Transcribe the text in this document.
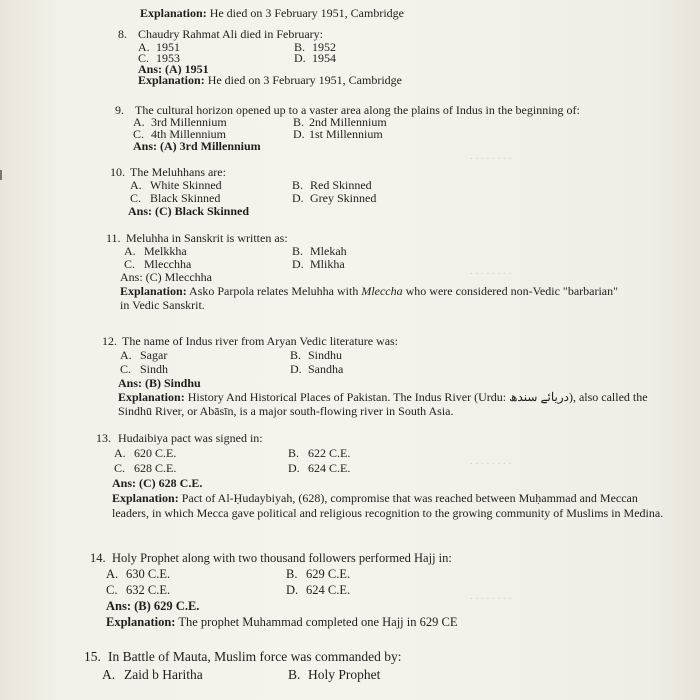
. . . . . . . .
. . . . . . . .
. . . . . . . .
. . . . . . . .
Explanation: He died on 3 February 1951, Cambridge
8. Chaudry Rahmat Ali died in February:
A. 1951	B. 1952
C. 1953	D. 1954
Ans: (A) 1951
Explanation: He died on 3 February 1951, Cambridge
9. The cultural horizon opened up to a vaster area along the plains of Indus in the beginning of:
A. 3rd Millennium	B. 2nd Millennium
C. 4th Millennium	D. 1st Millennium
Ans: (A) 3rd Millennium
10. The Meluhhans are:
A. White Skinned	B. Red Skinned
C. Black Skinned	D. Grey Skinned
Ans: (C) Black Skinned
11. Meluhha in Sanskrit is written as:
A. Melkkha	B. Mlekah
C. Mlecchha	D. Mlikha
Ans: (C) Mlecchha
Explanation: Asko Parpola relates Meluhha with Mleccha who were considered non-Vedic "barbarian" in Vedic Sanskrit.
12. The name of Indus river from Aryan Vedic literature was:
A. Sagar	B. Sindhu
C. Sindh	D. Sandha
Ans: (B) Sindhu
Explanation: History And Historical Places of Pakistan. The Indus River (Urdu: دریائے سندھ), also called the Sindhū River, or Abāsīn, is a major south-flowing river in South Asia.
13. Hudaibiya pact was signed in:
A. 620 C.E.	B. 622 C.E.
C. 628 C.E.	D. 624 C.E.
Ans: (C) 628 C.E.
Explanation: Pact of Al-Ḥudaybiyah, (628), compromise that was reached between Muḥammad and Meccan leaders, in which Mecca gave political and religious recognition to the growing community of Muslims in Medina.
14. Holy Prophet along with two thousand followers performed Hajj in:
A. 630 C.E.	B. 629 C.E.
C. 632 C.E.	D. 624 C.E.
Ans: (B) 629 C.E.
Explanation: The prophet Muhammad completed one Hajj in 629 CE
15. In Battle of Mauta, Muslim force was commanded by:
A. Zaid b Haritha	B. Holy Prophet
